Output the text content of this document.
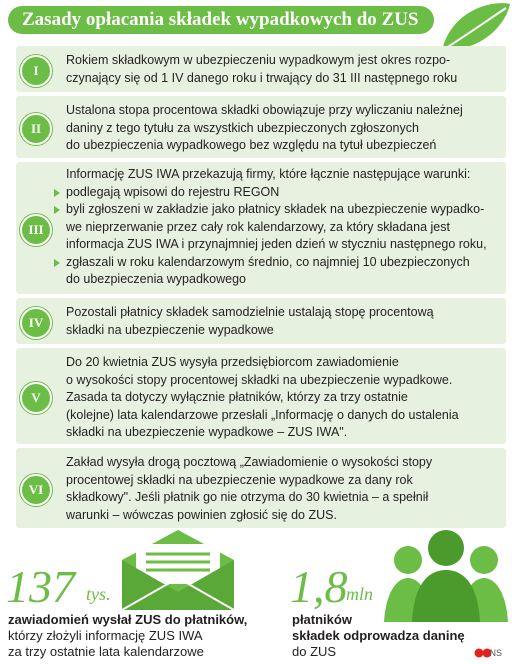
Zasady opłacania składek wypadkowych do ZUS
I
Rokiem składkowym w ubezpieczeniu wypadkowym jest okres rozpo-
czynający się od 1 IV danego roku i trwający do 31 III następnego roku
II
Ustalona stopa procentowa składki obowiązuje przy wyliczaniu należnej
daniny z tego tytułu za wszystkich ubezpieczonych zgłoszonych
do ubezpieczenia wypadkowego bez względu na tytuł ubezpieczeń
III
Informację ZUS IWA przekazują firmy, które łącznie następujące warunki:
podlegają wpisowi do rejestru REGON
byli zgłoszeni w zakładzie jako płatnicy składek na ubezpieczenie wypadko-
we nieprzerwanie przez cały rok kalendarzowy, za który składana jest
informacja ZUS IWA i przynajmniej jeden dzień w styczniu następnego roku,
zgłaszali w roku kalendarzowym średnio, co najmniej 10 ubezpieczonych
do ubezpieczenia wypadkowego
IV
Pozostali płatnicy składek samodzielnie ustalają stopę procentową
składki na ubezpieczenie wypadkowe
V
Do 20 kwietnia ZUS wysyła przedsiębiorcom zawiadomienie
o wysokości stopy procentowej składki na ubezpieczenie wypadkowe.
Zasada ta dotyczy wyłącznie płatników, którzy za trzy ostatnie
(kolejne) lata kalendarzowe przesłali „Informację o danych do ustalenia
składki na ubezpieczenie wypadkowe – ZUS IWA".
VI
Zakład wysyła drogą pocztową „Zawiadomienie o wysokości stopy
procentowej składki na ubezpieczenie wypadkowe za dany rok
składkowy". Jeśli płatnik go nie otrzyma do 30 kwietnia – a spełnił
warunki – wówczas powinien zgłosić się do ZUS.
137 tys.
zawiadomień wysłał ZUS do płatników,
którzy złożyli informację ZUS IWA
za trzy ostatnie lata kalendarzowe
1,8
mln
płatników
składek odprowadza daninę
do ZUS	NS
